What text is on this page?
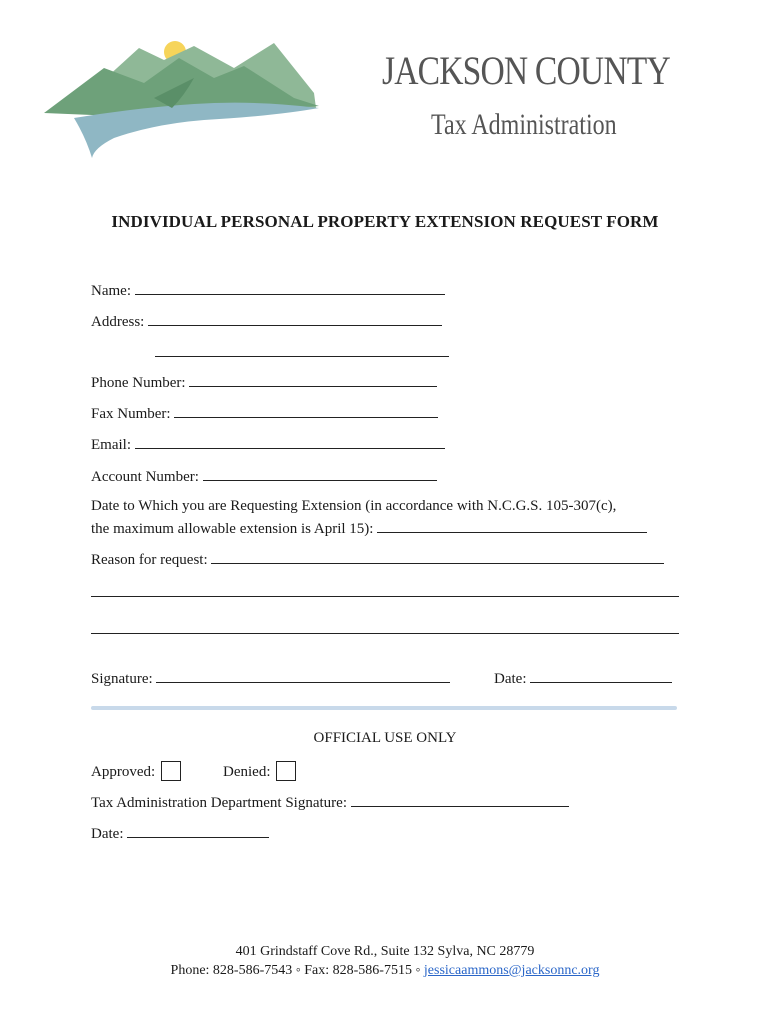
JACKSON COUNTY
Tax Administration
INDIVIDUAL PERSONAL PROPERTY EXTENSION REQUEST FORM
Name:
Address:
Phone Number:
Fax Number:
Email:
Account Number:
Date to Which you are Requesting Extension (in accordance with N.C.G.S. 105-307(c),
the maximum allowable extension is April 15):
Reason for request:
Signature:	Date:
OFFICIAL USE ONLY
Approved:	Denied:
Tax Administration Department Signature:
Date:
401 Grindstaff Cove Rd., Suite 132 Sylva, NC 28779
Phone: 828-586-7543 ◦ Fax: 828-586-7515 ◦ jessicaammons@jacksonnc.org
